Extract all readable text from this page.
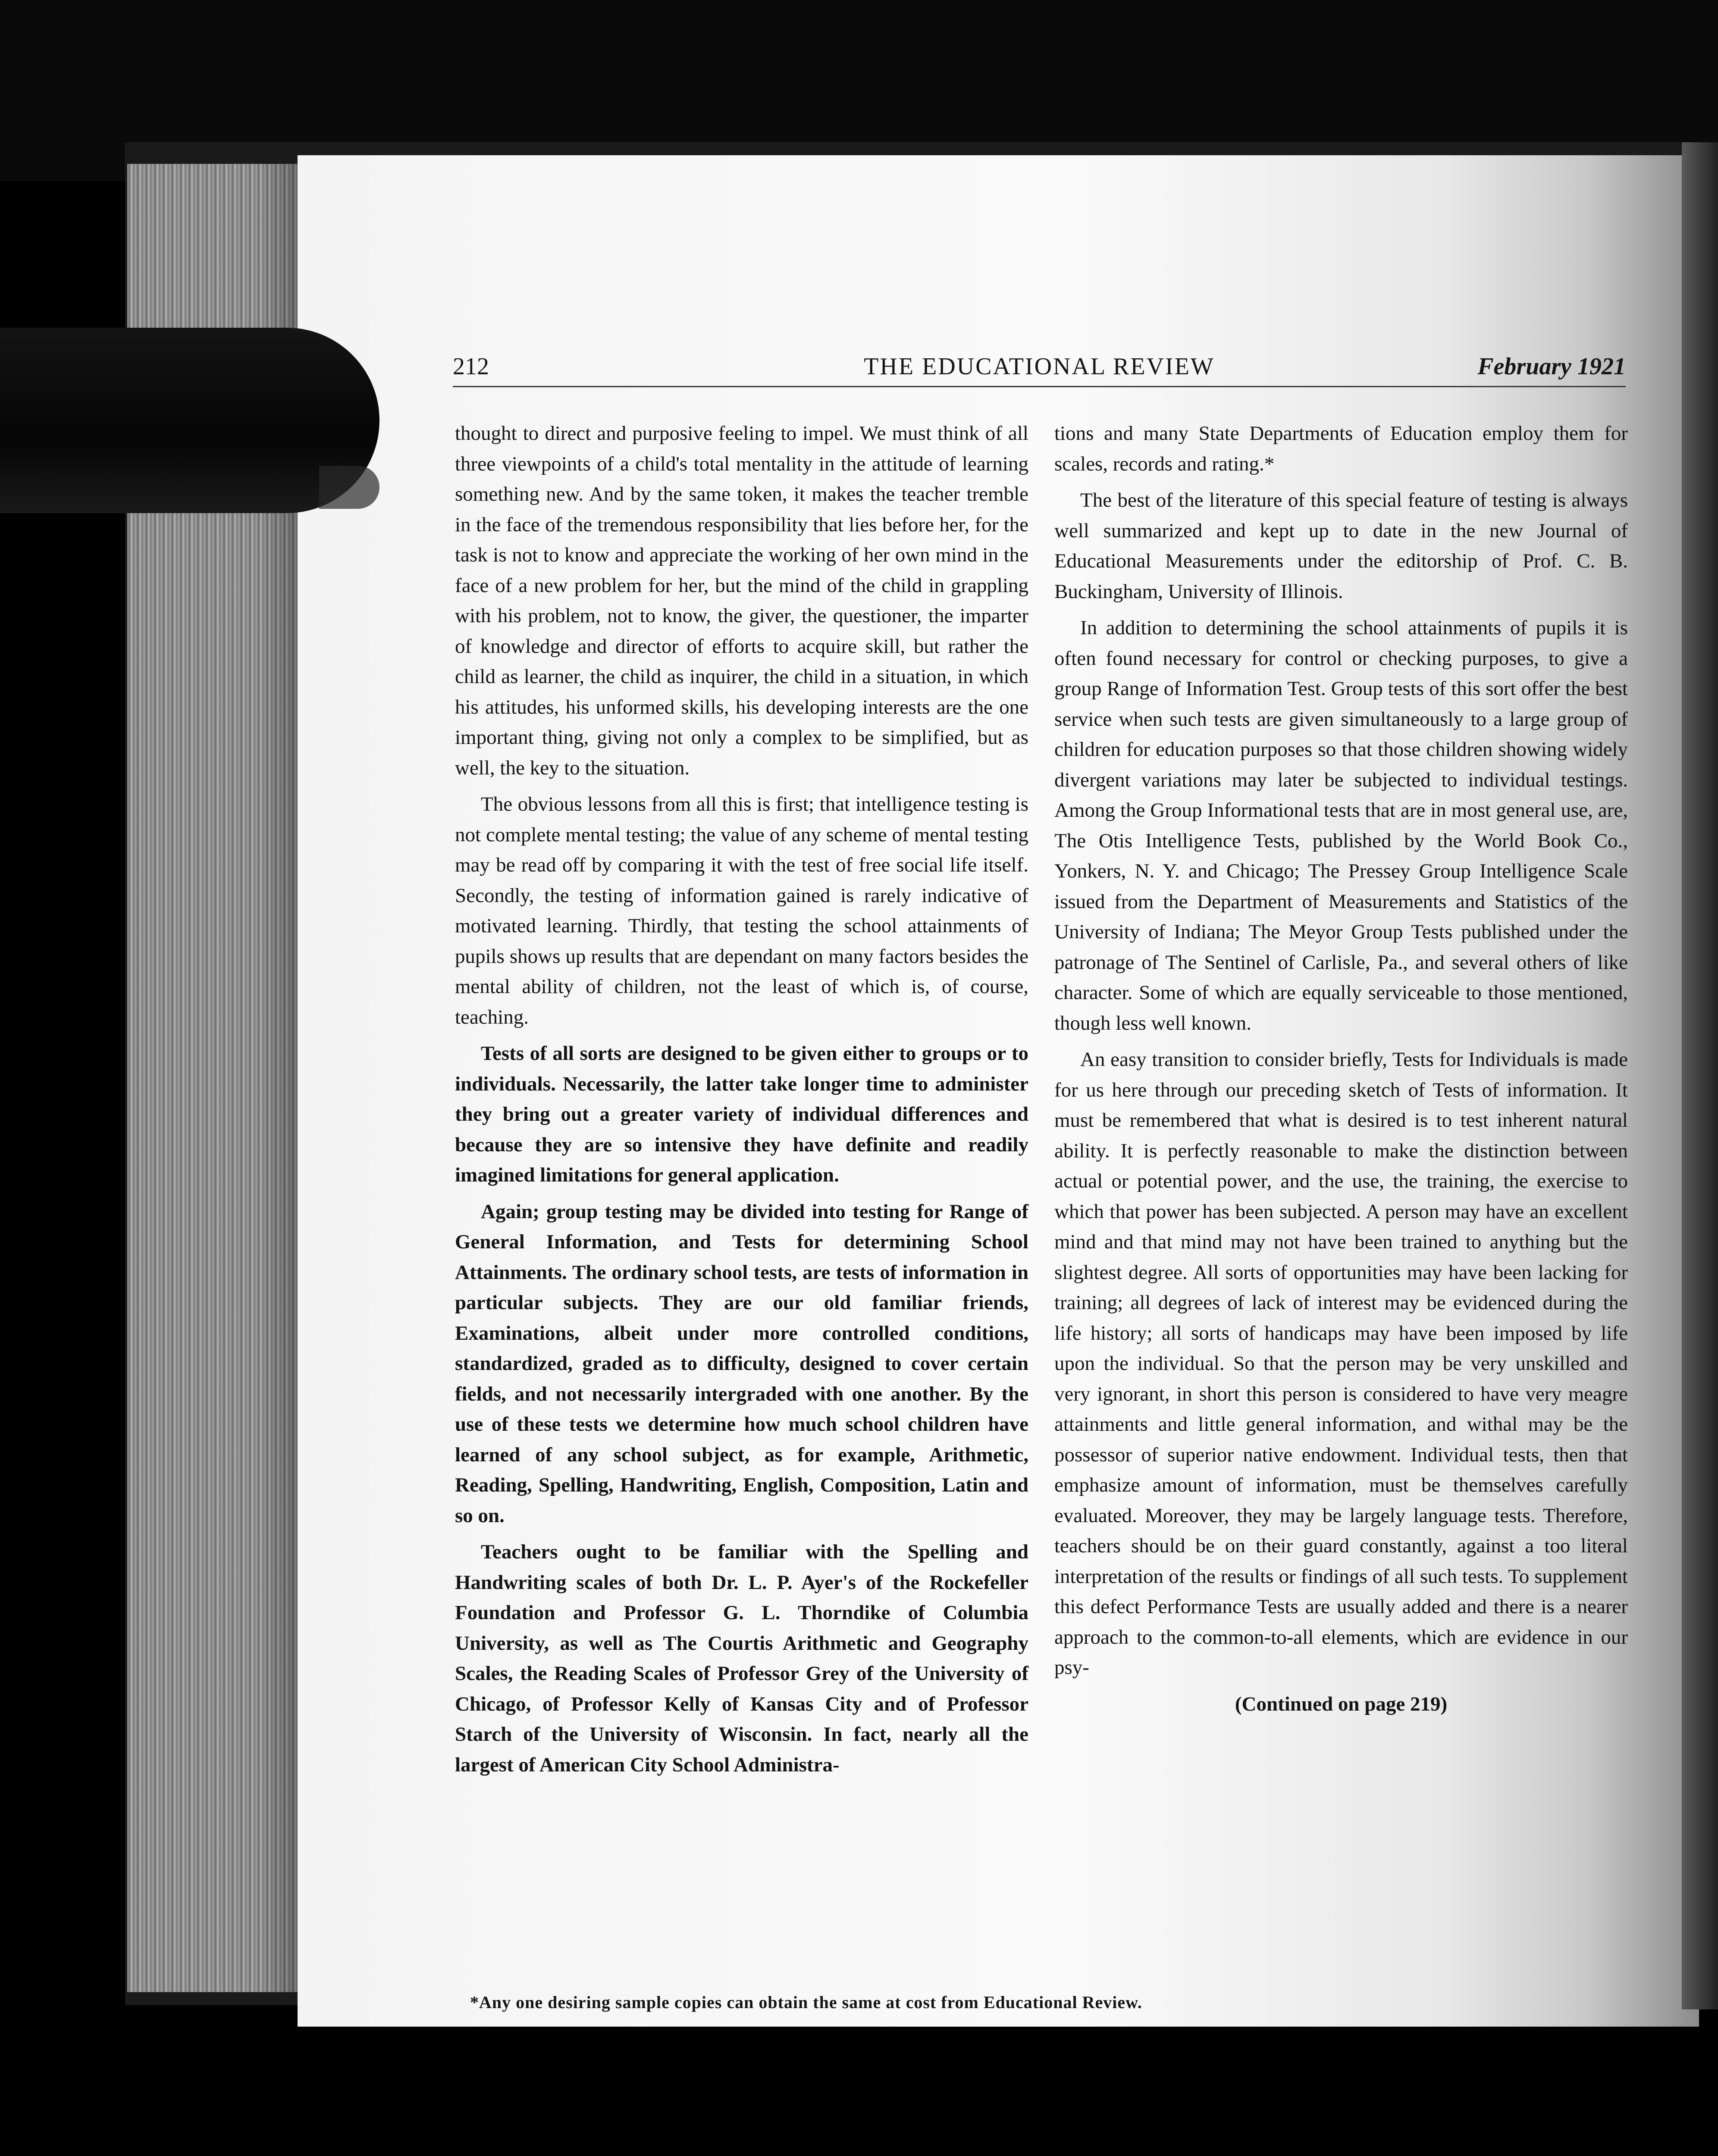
212	THE EDUCATIONAL REVIEW	February 1921

thought to direct and purposive feeling to impel. We must think of all three viewpoints of a child's total mentality in the attitude of learning something new. And by the same token, it makes the teacher tremble in the face of the tremendous responsibility that lies before her, for the task is not to know and appreciate the working of her own mind in the face of a new problem for her, but the mind of the child in grappling with his problem, not to know, the giver, the questioner, the imparter of knowledge and director of efforts to acquire skill, but rather the child as learner, the child as inquirer, the child in a situation, in which his attitudes, his unformed skills, his developing interests are the one important thing, giving not only a complex to be simplified, but as well, the key to the situation.

The obvious lessons from all this is first; that intelligence testing is not complete mental testing; the value of any scheme of mental testing may be read off by comparing it with the test of free social life itself. Secondly, the testing of information gained is rarely indicative of motivated learning. Thirdly, that testing the school attainments of pupils shows up results that are dependant on many factors besides the mental ability of children, not the least of which is, of course, teaching.

Tests of all sorts are designed to be given either to groups or to individuals. Necessarily, the latter take longer time to administer they bring out a greater variety of individual differences and because they are so intensive they have definite and readily imagined limitations for general application.

Again; group testing may be divided into testing for Range of General Information, and Tests for determining School Attainments. The ordinary school tests, are tests of information in particular subjects. They are our old familiar friends, Examinations, albeit under more controlled conditions, standardized, graded as to difficulty, designed to cover certain fields, and not necessarily intergraded with one another. By the use of these tests we determine how much school children have learned of any school subject, as for example, Arithmetic, Reading, Spelling, Handwriting, English, Composition, Latin and so on.

Teachers ought to be familiar with the Spelling and Handwriting scales of both Dr. L. P. Ayer's of the Rockefeller Foundation and Professor G. L. Thorndike of Columbia University, as well as The Courtis Arithmetic and Geography Scales, the Reading Scales of Professor Grey of the University of Chicago, of Professor Kelly of Kansas City and of Professor Starch of the University of Wisconsin. In fact, nearly all the largest of American City School Administra-

tions and many State Departments of Education employ them for scales, records and rating.*

The best of the literature of this special feature of testing is always well summarized and kept up to date in the new Journal of Educational Measurements under the editorship of Prof. C. B. Buckingham, University of Illinois.

In addition to determining the school attainments of pupils it is often found necessary for control or checking purposes, to give a group Range of Information Test. Group tests of this sort offer the best service when such tests are given simultaneously to a large group of children for education purposes so that those children showing widely divergent variations may later be subjected to individual testings. Among the Group Informational tests that are in most general use, are, The Otis Intelligence Tests, published by the World Book Co., Yonkers, N. Y. and Chicago; The Pressey Group Intelligence Scale issued from the Department of Measurements and Statistics of the University of Indiana; The Meyor Group Tests published under the patronage of The Sentinel of Carlisle, Pa., and several others of like character. Some of which are equally serviceable to those mentioned, though less well known.

An easy transition to consider briefly, Tests for Individuals is made for us here through our preceding sketch of Tests of information. It must be remembered that what is desired is to test inherent natural ability. It is perfectly reasonable to make the distinction between actual or potential power, and the use, the training, the exercise to which that power has been subjected. A person may have an excellent mind and that mind may not have been trained to anything but the slightest degree. All sorts of opportunities may have been lacking for training; all degrees of lack of interest may be evidenced during the life history; all sorts of handicaps may have been imposed by life upon the individual. So that the person may be very unskilled and very ignorant, in short this person is considered to have very meagre attainments and little general information, and withal may be the possessor of superior native endowment. Individual tests, then that emphasize amount of information, must be themselves carefully evaluated. Moreover, they may be largely language tests. Therefore, teachers should be on their guard constantly, against a too literal interpretation of the results or findings of all such tests. To supplement this defect Performance Tests are usually added and there is a nearer approach to the common-to-all elements, which are evidence in our psy-

(Continued on page 219)
*Any one desiring sample copies can obtain the same at cost from Educational Review.
